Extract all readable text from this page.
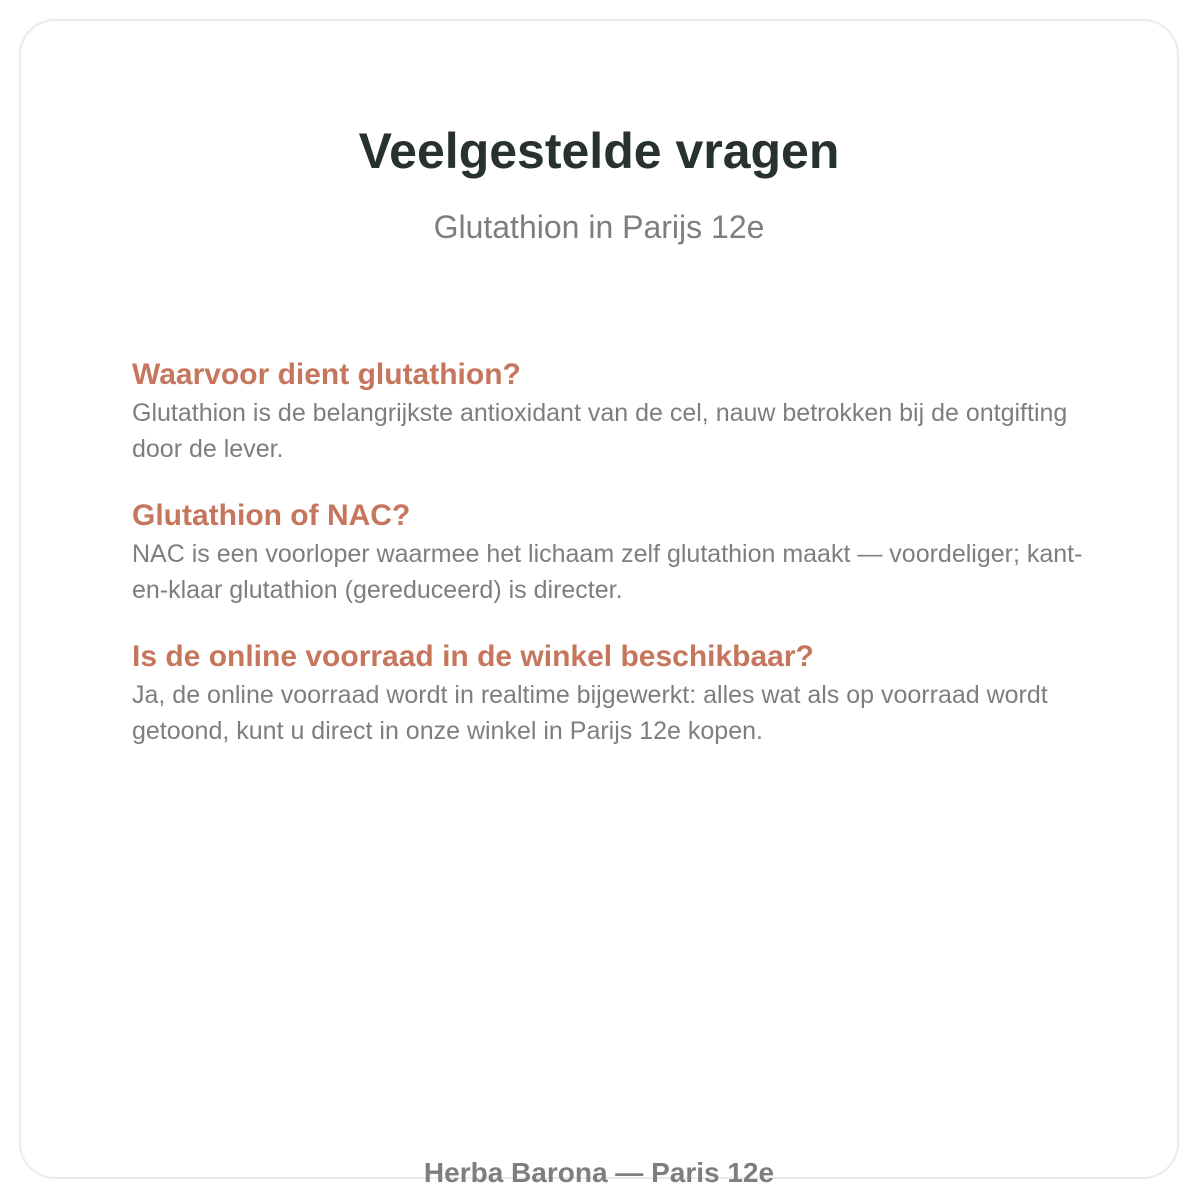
Veelgestelde vragen
Glutathion in Parijs 12e
Waarvoor dient glutathion?

Glutathion is de belangrijkste antioxidant van de cel, nauw betrokken bij de ontgifting door de lever.

Glutathion of NAC?

NAC is een voorloper waarmee het lichaam zelf glutathion maakt — voordeliger; kant-en-klaar glutathion (gereduceerd) is directer.

Is de online voorraad in de winkel beschikbaar?

Ja, de online voorraad wordt in realtime bijgewerkt: alles wat als op voorraad wordt getoond, kunt u direct in onze winkel in Parijs 12e kopen.

Herba Barona — Paris 12e
